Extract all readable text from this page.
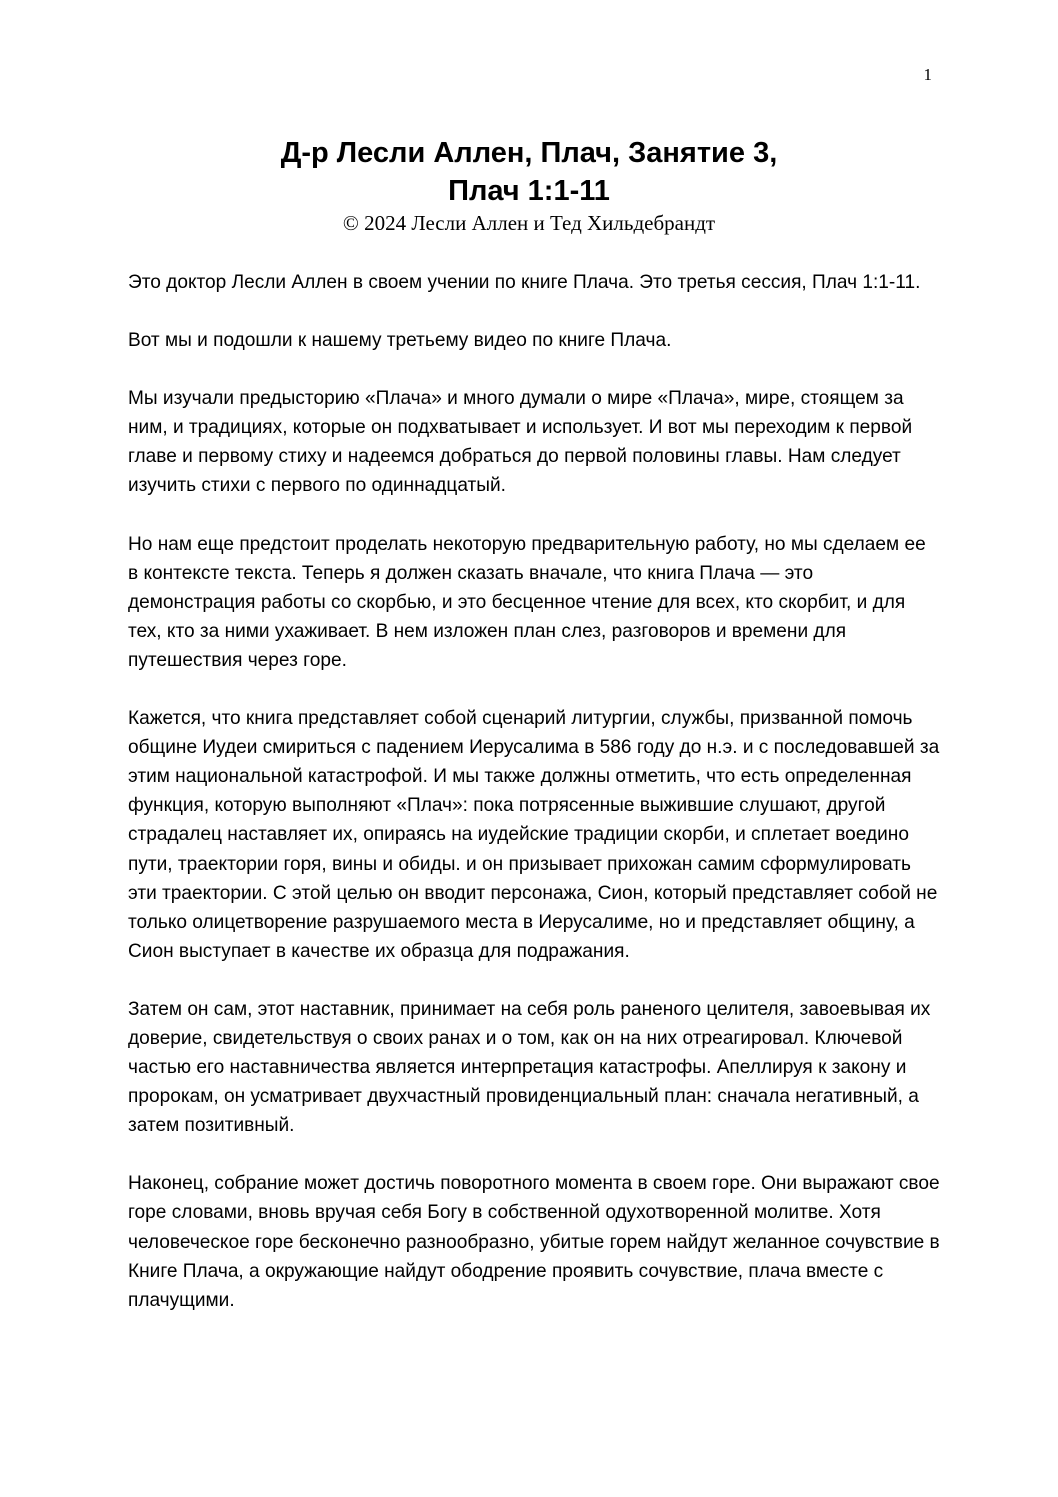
1
Д-р Лесли Аллен, Плач, Занятие 3,
Плач 1:1-11
© 2024 Лесли Аллен и Тед Хильдебрандт

Это доктор Лесли Аллен в своем учении по книге Плача. Это третья сессия, Плач 1:1-11.

Вот мы и подошли к нашему третьему видео по книге Плача.

Мы изучали предысторию «Плача» и много думали о мире «Плача», мире, стоящем за ним, и традициях, которые он подхватывает и использует. И вот мы переходим к первой главе и первому стиху и надеемся добраться до первой половины главы. Нам следует изучить стихи с первого по одиннадцатый.

Но нам еще предстоит проделать некоторую предварительную работу, но мы сделаем ее в контексте текста. Теперь я должен сказать вначале, что книга Плача — это демонстрация работы со скорбью, и это бесценное чтение для всех, кто скорбит, и для тех, кто за ними ухаживает. В нем изложен план слез, разговоров и времени для путешествия через горе.

Кажется, что книга представляет собой сценарий литургии, службы, призванной помочь общине Иудеи смириться с падением Иерусалима в 586 году до н.э. и с последовавшей за этим национальной катастрофой. И мы также должны отметить, что есть определенная функция, которую выполняют «Плач»: пока потрясенные выжившие слушают, другой страдалец наставляет их, опираясь на иудейские традиции скорби, и сплетает воедино пути, траектории горя, вины и обиды. и он призывает прихожан самим сформулировать эти траектории. С этой целью он вводит персонажа, Сион, который представляет собой не только олицетворение разрушаемого места в Иерусалиме, но и представляет общину, а Сион выступает в качестве их образца для подражания.

Затем он сам, этот наставник, принимает на себя роль раненого целителя, завоевывая их доверие, свидетельствуя о своих ранах и о том, как он на них отреагировал. Ключевой частью его наставничества является интерпретация катастрофы. Апеллируя к закону и пророкам, он усматривает двухчастный провиденциальный план: сначала негативный, а затем позитивный.

Наконец, собрание может достичь поворотного момента в своем горе. Они выражают свое горе словами, вновь вручая себя Богу в собственной одухотворенной молитве. Хотя человеческое горе бесконечно разнообразно, убитые горем найдут желанное сочувствие в Книге Плача, а окружающие найдут ободрение проявить сочувствие, плача вместе с плачущими.
